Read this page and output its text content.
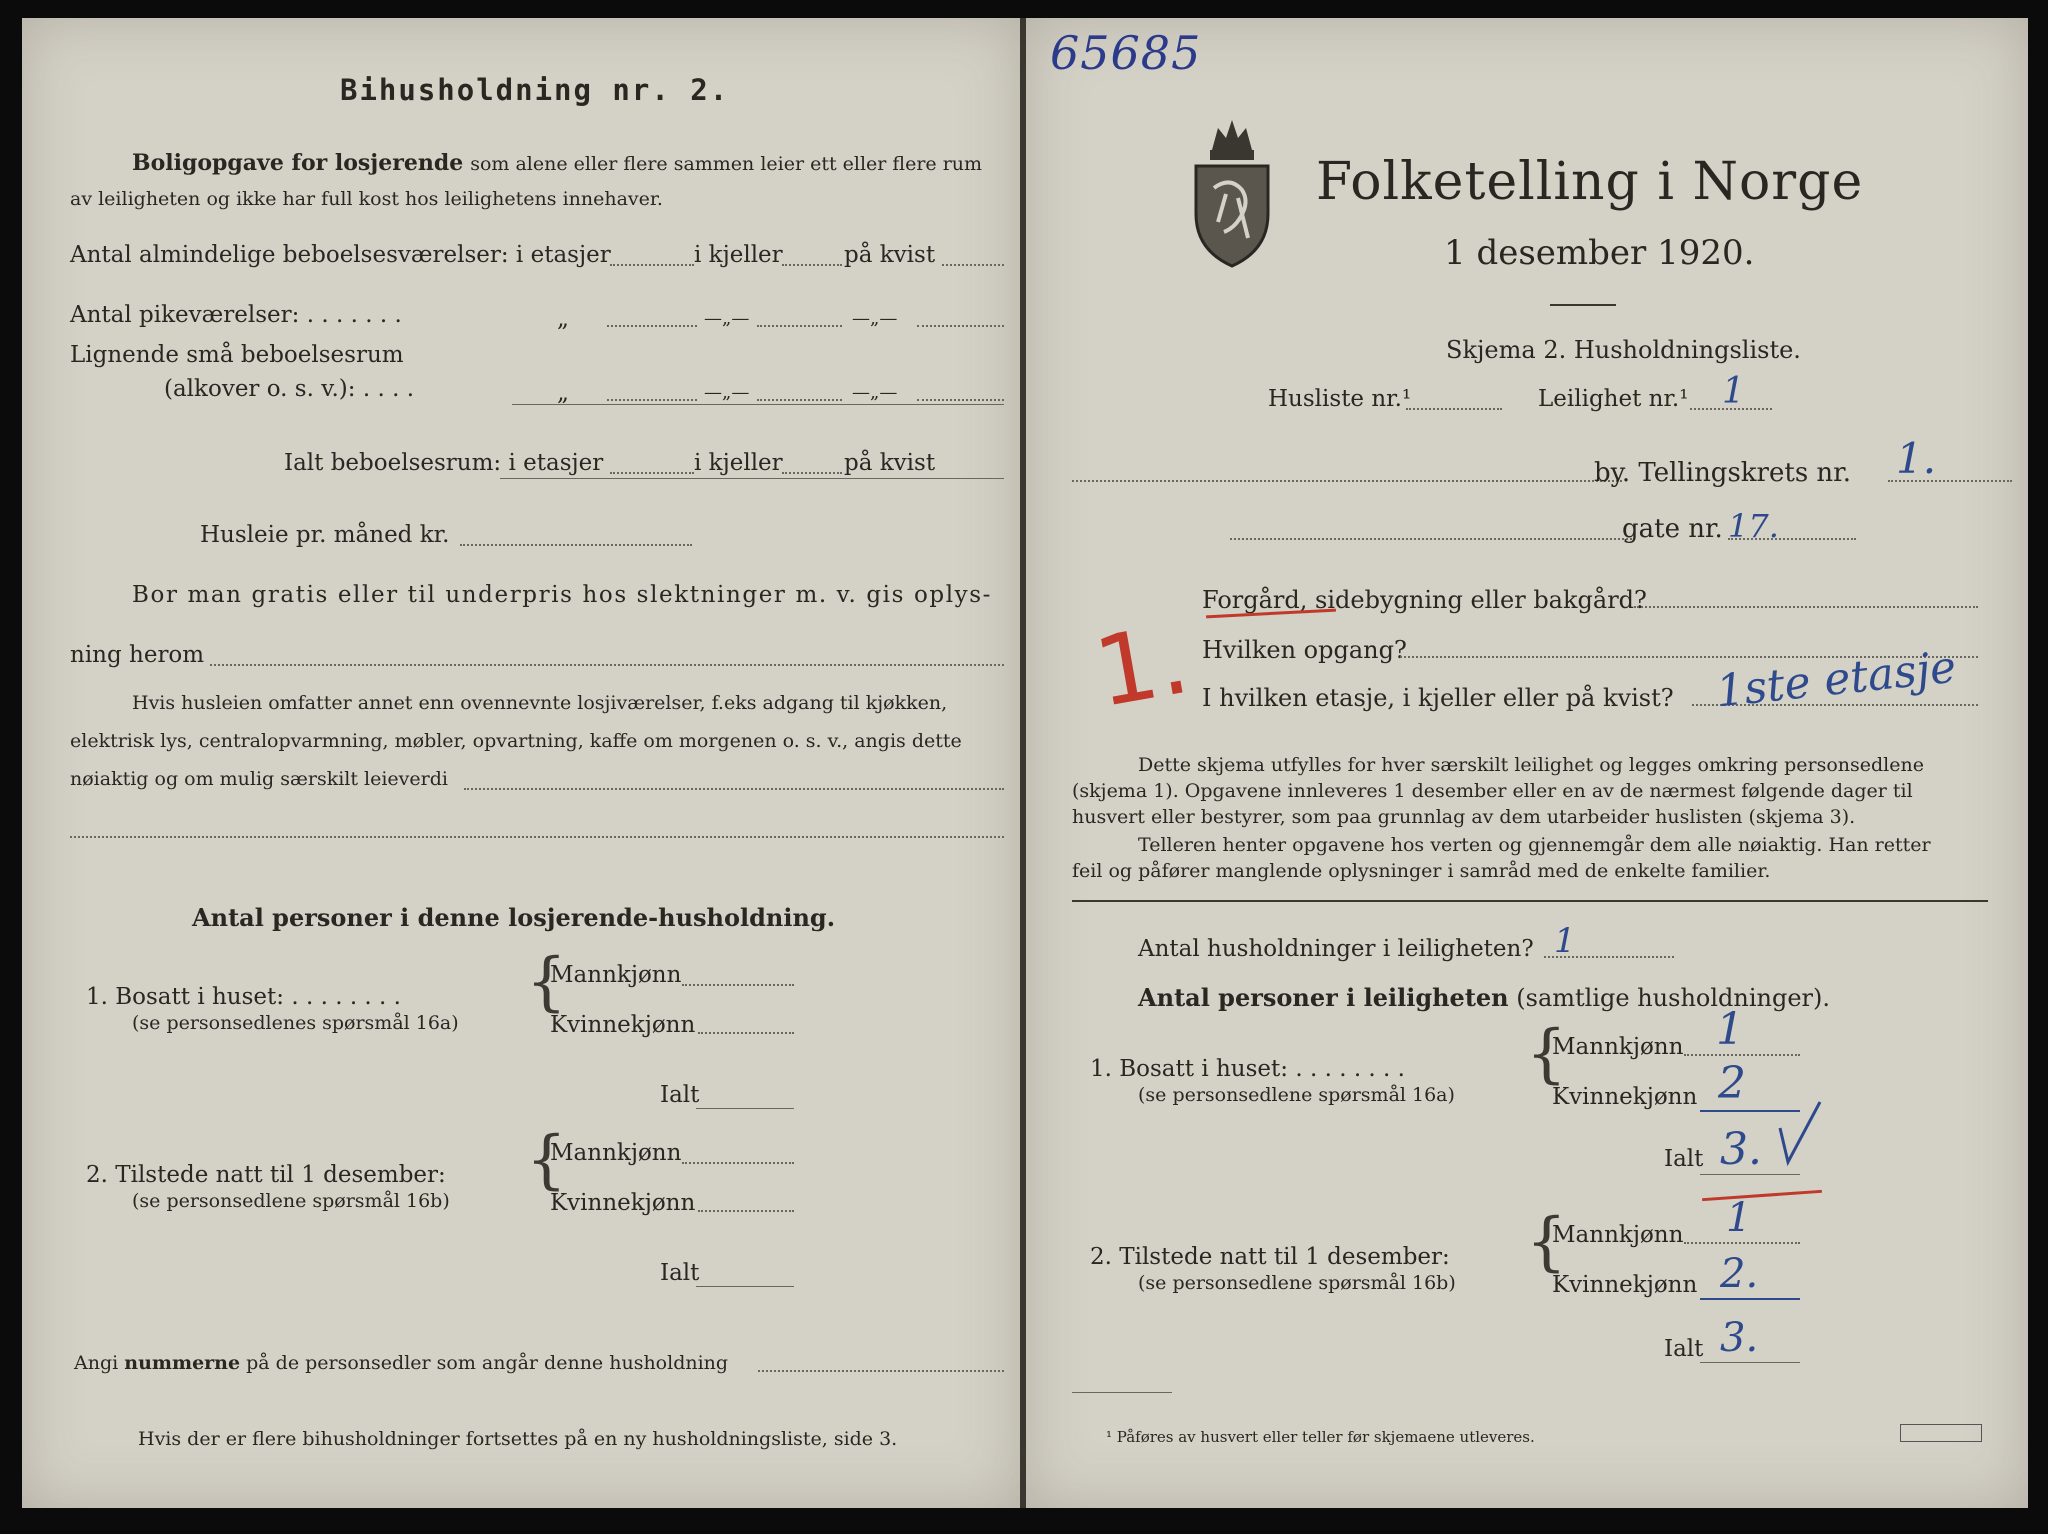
Bihusholdning nr. 2.
Boligopgave for losjerende som alene eller flere sammen leier ett eller flere rum
av leiligheten og ikke har full kost hos leilighetens innehaver.
Antal almindelige beboelsesværelser: i etasjer	i kjeller	på kvist
Antal pikeværelser: . . . . . . .	„	—„—	—„—
Lignende små beboelsesrum
(alkover o. s. v.): . . . .	„	—„—	—„—
Ialt beboelsesrum: i etasjer	i kjeller	på kvist
Husleie pr. måned kr.
Bor man gratis eller til underpris hos slektninger m. v. gis oplys-
ning herom
Hvis husleien omfatter annet enn ovennevnte losjiværelser, f.eks adgang til kjøkken,
elektrisk lys, centralopvarmning, møbler, opvartning, kaffe om morgenen o. s. v., angis dette
nøiaktig og om mulig særskilt leieverdi
Antal personer i denne losjerende-husholdning.
1. Bosatt i huset: . . . . . . . .
(se personsedlenes spørsmål 16a)
{
Mannkjønn
Kvinnekjønn
Ialt
2. Tilstede natt til 1 desember:
(se personsedlene spørsmål 16b)
{
Mannkjønn
Kvinnekjønn
Ialt
Angi nummerne på de personsedler som angår denne husholdning
Hvis der er flere bihusholdninger fortsettes på en ny husholdningsliste, side 3.
65685
Folketelling i Norge
1 desember 1920.
Skjema 2. Husholdningsliste.
Husliste nr.¹	Leilighet nr.¹ 1
by. Tellingskrets nr. 1.
gate nr. 17.
Forgård, sidebygning eller bakgård?
Hvilken opgang?
I hvilken etasje, i kjeller eller på kvist? 1ste etasje
1.
Dette skjema utfylles for hver særskilt leilighet og legges omkring personsedlene
(skjema 1). Opgavene innleveres 1 desember eller en av de nærmest følgende dager til
husvert eller bestyrer, som paa grunnlag av dem utarbeider huslisten (skjema 3).
Telleren henter opgavene hos verten og gjennemgår dem alle nøiaktig. Han retter
feil og påfører manglende oplysninger i samråd med de enkelte familier.
Antal husholdninger i leiligheten? 1
Antal personer i leiligheten (samtlige husholdninger).
1. Bosatt i huset: . . . . . . . .
(se personsedlene spørsmål 16a)
{
Mannkjønn 1
Kvinnekjønn 2
Ialt 3.
2. Tilstede natt til 1 desember:
(se personsedlene spørsmål 16b)
{
Mannkjønn 1
Kvinnekjønn 2.
Ialt 3.
¹ Påføres av husvert eller teller før skjemaene utleveres.
